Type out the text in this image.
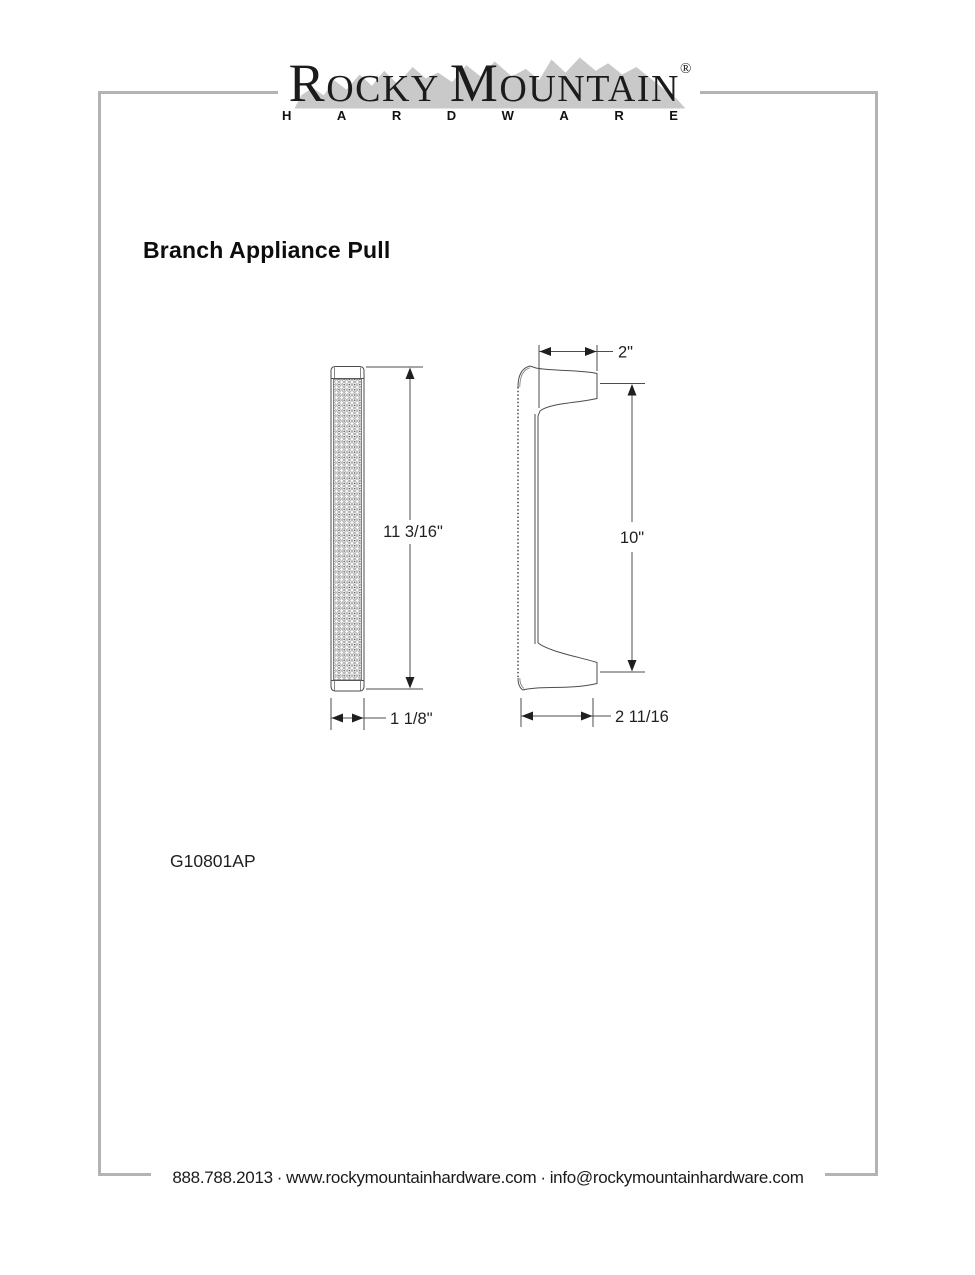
ROCKY MOUNTAIN®
H	A	R	D	W	A	R	E
Branch Appliance Pull
11 3/16"
1 1/8"
2"
10"
2 11/16
G10801AP
888.788.2013 · www.rockymountainhardware.com · info@rockymountainhardware.com
